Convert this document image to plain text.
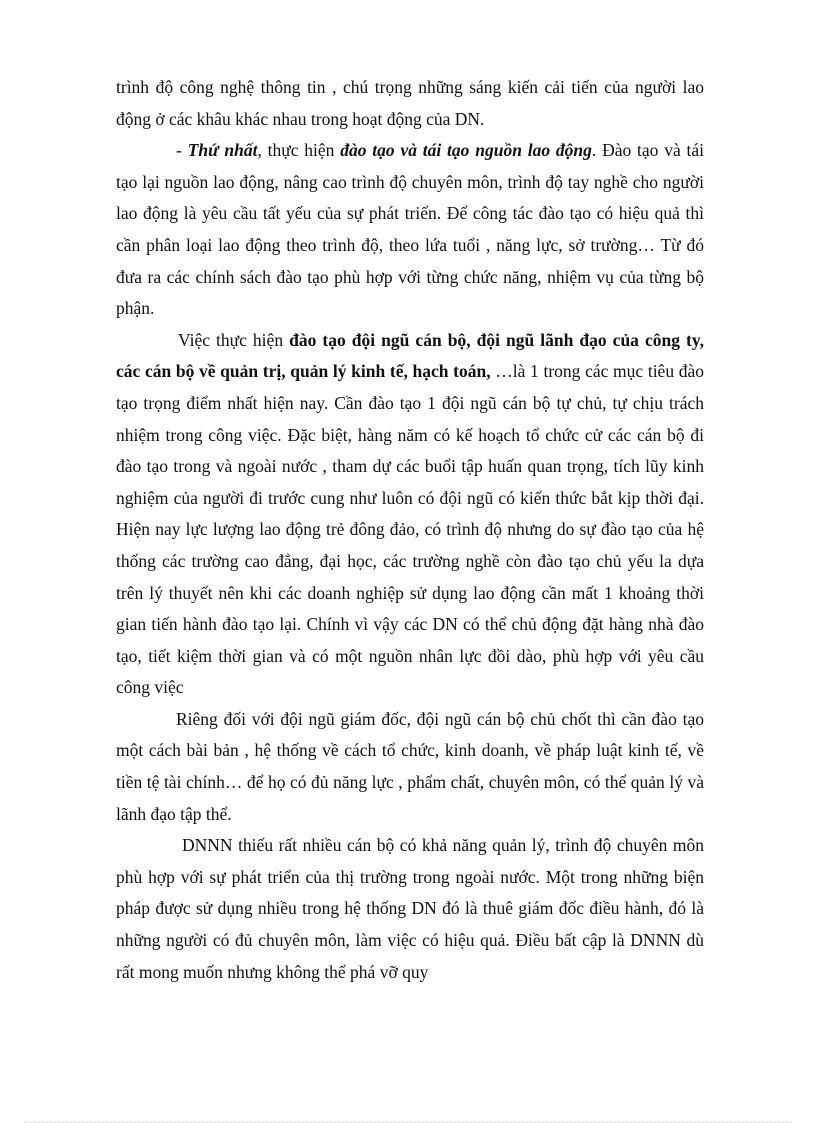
trình độ công nghệ thông tin , chú trọng những sáng kiến cải tiến của người lao động ở các khâu khác nhau trong hoạt động của DN.

- Thứ nhất, thực hiện đào tạo và tái tạo nguồn lao động. Đào tạo và tái tạo lại nguồn lao động, nâng cao trình độ chuyên môn, trình độ tay nghề cho người lao động là yêu cầu tất yếu của sự phát triển. Để công tác đào tạo có hiệu quả thì cần phân loại lao động theo trình độ, theo lứa tuổi , năng lực, sở trường… Từ đó đưa ra các chính sách đào tạo phù hợp với từng chức năng, nhiệm vụ của từng bộ phận.

Việc thực hiện đào tạo đội ngũ cán bộ, đội ngũ lãnh đạo của công ty, các cán bộ về quản trị, quản lý kinh tế, hạch toán, …là 1 trong các mục tiêu đào tạo trọng điểm nhất hiện nay. Cần đào tạo 1 đội ngũ cán bộ tự chủ, tự chịu trách nhiệm trong công việc. Đặc biệt, hàng năm có kế hoạch tổ chức cử các cán bộ đi đào tạo trong và ngoài nước , tham dự các buổi tập huấn quan trọng, tích lũy kinh nghiệm của người đi trước cung như luôn có đội ngũ có kiến thức bắt kịp thời đại. Hiện nay lực lượng lao động trẻ đông đảo, có trình độ nhưng do sự đào tạo của hệ thống các trường cao đẳng, đại học, các trường nghề còn đào tạo chủ yếu la dựa trên lý thuyết nên khi các doanh nghiệp sử dụng lao động cần mất 1 khoảng thời gian tiến hành đào tạo lại. Chính vì vậy các DN có thể chủ động đặt hàng nhà đào tạo, tiết kiệm thời gian và có một nguồn nhân lực đồi dào, phù hợp với yêu cầu công việc

Riêng đối với đội ngũ giám đốc, đội ngũ cán bộ chủ chốt thì cần đào tạo một cách bài bản , hệ thống về cách tổ chức, kinh doanh, về pháp luật kinh tế, về tiền tệ tài chính… để họ có đủ năng lực , phẩm chất, chuyên môn, có thể quản lý và lãnh đạo tập thể.

DNNN thiếu rất nhiều cán bộ có khả năng quản lý, trình độ chuyên môn phù hợp với sự phát triển của thị trường trong ngoài nước. Một trong những biện pháp được sử dụng nhiều trong hệ thống DN đó là thuê giám đốc điều hành, đó là những người có đủ chuyên môn, làm việc có hiệu quả. Điều bất cập là DNNN dù rất mong muốn nhưng không thể phá vỡ quy
